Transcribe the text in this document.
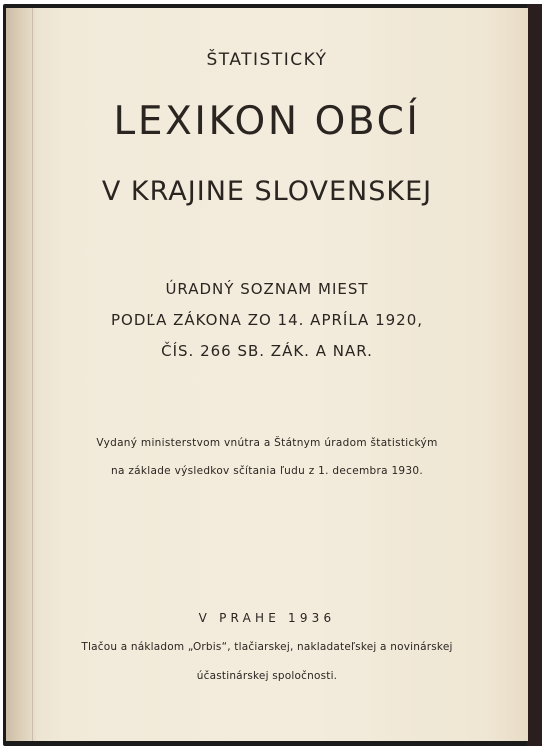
ŠTATISTICKÝ
LEXIKON OBCÍ
V KRAJINE SLOVENSKEJ
ÚRADNÝ SOZNAM MIEST
PODĽA ZÁKONA ZO 14. APRÍLA 1920,
ČÍS. 266 SB. ZÁK. A NAR.
Vydaný ministerstvom vnútra a Štátnym úradom štatistickým
na základe výsledkov sčítania ľudu z 1. decembra 1930.
V PRAHE 1936
Tlačou a nákladom „Orbis“, tlačiarskej, nakladateľskej a novinárskej
účastinárskej spoločnosti.
